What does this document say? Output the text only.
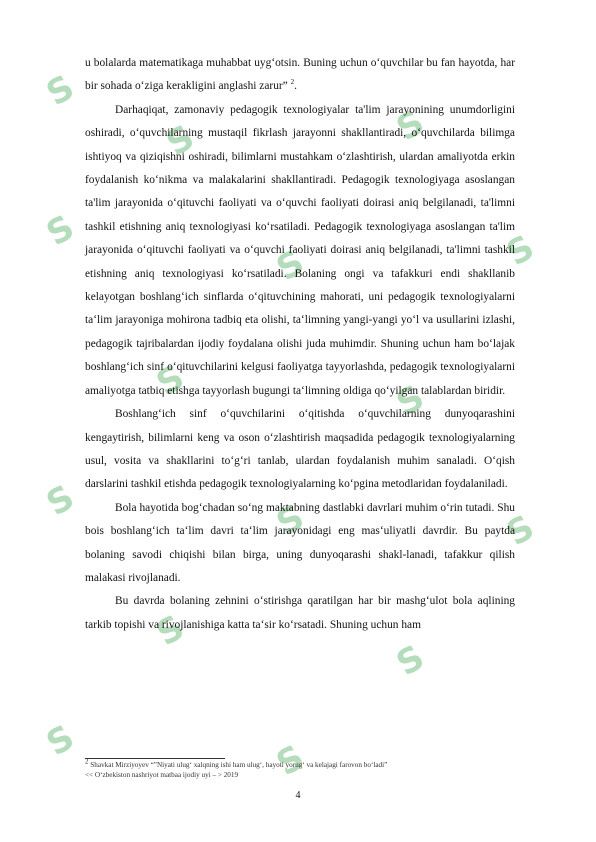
S
S	S
S
S	S
S	S
S	S	S
S
S
S	S

u bolalarda matematikaga muhabbat uyg‘otsin. Buning uchun o‘quvchilar bu fan hayotda, har bir sohada o‘ziga kerakligini anglashi zarur” $^2$.

Darhaqiqat, zamonaviy pedagogik texnologiyalar ta'lim jarayonining unumdorligini oshiradi, o‘quvchilarning mustaqil fikrlash jarayonni shakllantiradi, o‘quvchilarda bilimga ishtiyoq va qiziqishni oshiradi, bilimlarni mustahkam o‘zlashtirish, ulardan amaliyotda erkin foydalanish ko‘nikma va malakalarini shakllantiradi. Pedagogik texnologiyaga asoslangan ta'lim jarayonida o‘qituvchi faoliyati va o‘quvchi faoliyati doirasi aniq belgilanadi, ta'limni tashkil etishning aniq texnologiyasi ko‘rsatiladi. Pedagogik texnologiyaga asoslangan ta'lim jarayonida o‘qituvchi faoliyati va o‘quvchi faoliyati doirasi aniq belgilanadi, ta'limni tashkil etishning aniq texnologiyasi ko‘rsatiladi. Bolaning ongi va tafakkuri endi shakllanib kelayotgan boshlang‘ich sinflarda o‘qituvchining mahorati, uni pedagogik texnologiyalarni ta‘lim jarayoniga mohirona tadbiq eta olishi, ta‘limning yangi-yangi yo‘l va usullarini izlashi, pedagogik tajribalardan ijodiy foydalana olishi juda muhimdir. Shuning uchun ham bo‘lajak boshlang‘ich sinf o‘qituvchilarini kelgusi faoliyatga tayyorlashda, pedagogik texnologiyalarni amaliyotga tatbiq etishga tayyorlash bugungi ta‘limning oldiga qo‘yilgan talablardan biridir.

Boshlang‘ich sinf o‘quvchilarini o‘qitishda o‘quvchilarning dunyoqarashini kengaytirish, bilimlarni keng va oson o‘zlashtirish maqsadida pedagogik texnologiyalarning usul, vosita va shakllarini to‘g‘ri tanlab, ulardan foydalanish muhim sanaladi. O‘qish darslarini tashkil etishda pedagogik texnologiyalarning ko‘pgina metodlaridan foydalaniladi.

Bola hayotida bog‘chadan so‘ng maktabning dastlabki davrlari muhim o‘rin tutadi. Shu bois boshlang‘ich ta‘lim davri ta‘lim jarayonidagi eng mas‘uliyatli davrdir. Bu paytda bolaning savodi chiqishi bilan birga, uning dunyoqarashi shakl-lanadi, tafakkur qilish malakasi rivojlanadi.

Bu davrda bolaning zehnini o‘stirishga qaratilgan har bir mashg‘ulot bola aqlining tarkib topishi va rivojlanishiga katta ta‘sir ko‘rsatadi. Shuning uchun ham

$^2$ Shavkat Mirziyoyev “”Niyati ulug‘ xalqning ishi ham ulug‘, hayoti yorug‘ va kelajagi farovon bo‘ladi”
<< O‘zbekiston nashriyot matbaa ijodiy uyi – > 2019
4
